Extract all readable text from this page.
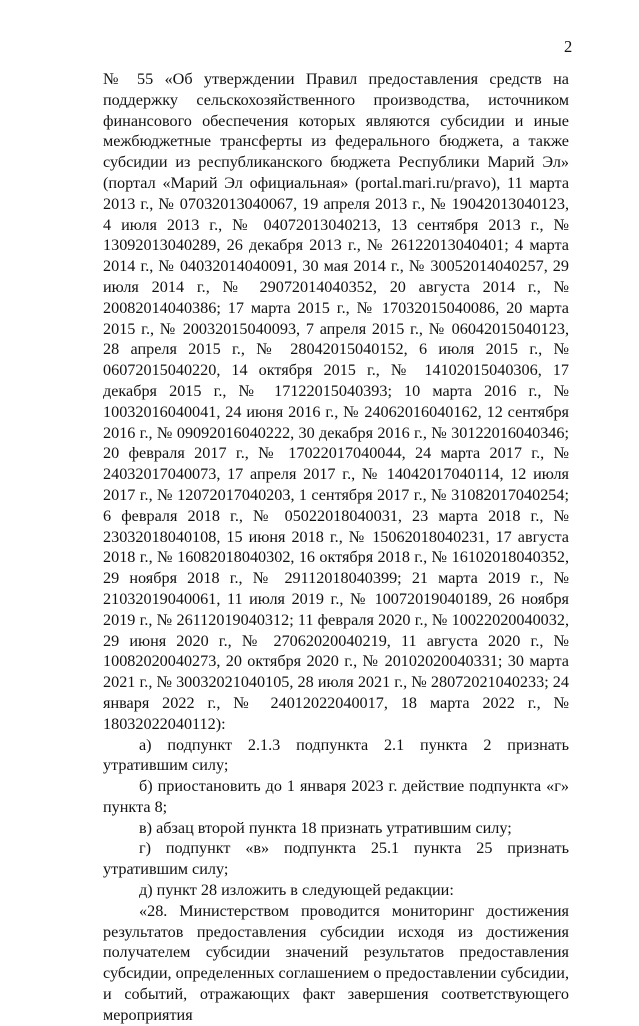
2

№ 55 «Об утверждении Правил предоставления средств на поддержку сельскохозяйственного производства, источником финансового обеспечения которых являются субсидии и иные межбюджетные трансферты из федерального бюджета, а также субсидии из республиканского бюджета Республики Марий Эл» (портал «Марий Эл официальная» (portal.mari.ru/pravo), 11 марта 2013 г., № 07032013040067, 19 апреля 2013 г., № 19042013040123, 4 июля 2013 г., № 04072013040213, 13 сентября 2013 г., № 13092013040289, 26 декабря 2013 г., № 26122013040401; 4 марта 2014 г., № 04032014040091, 30 мая 2014 г., № 30052014040257, 29 июля 2014 г., № 29072014040352, 20 августа 2014 г., № 20082014040386; 17 марта 2015 г., № 17032015040086, 20 марта 2015 г., № 20032015040093, 7 апреля 2015 г., № 06042015040123, 28 апреля 2015 г., № 28042015040152, 6 июля 2015 г., № 06072015040220, 14 октября 2015 г., № 14102015040306, 17 декабря 2015 г., № 17122015040393; 10 марта 2016 г., № 10032016040041, 24 июня 2016 г., № 24062016040162, 12 сентября 2016 г., № 09092016040222, 30 декабря 2016 г., № 30122016040346; 20 февраля 2017 г., № 17022017040044, 24 марта 2017 г., № 24032017040073, 17 апреля 2017 г., № 14042017040114, 12 июля 2017 г., № 12072017040203, 1 сентября 2017 г., № 31082017040254; 6 февраля 2018 г., № 05022018040031, 23 марта 2018 г., № 23032018040108, 15 июня 2018 г., № 15062018040231, 17 августа 2018 г., № 16082018040302, 16 октября 2018 г., № 16102018040352, 29 ноября 2018 г., № 29112018040399; 21 марта 2019 г., № 21032019040061, 11 июля 2019 г., № 10072019040189, 26 ноября 2019 г., № 26112019040312; 11 февраля 2020 г., № 10022020040032, 29 июня 2020 г., № 27062020040219, 11 августа 2020 г., № 10082020040273, 20 октября 2020 г., № 20102020040331; 30 марта 2021 г., № 30032021040105, 28 июля 2021 г., № 28072021040233; 24 января 2022 г., № 24012022040017, 18 марта 2022 г., № 18032022040112):

а) подпункт 2.1.3 подпункта 2.1 пункта 2 признать утратившим силу;

б) приостановить до 1 января 2023 г. действие подпункта «г» пункта 8;

в) абзац второй пункта 18 признать утратившим силу;

г) подпункт «в» подпункта 25.1 пункта 25 признать утратившим силу;

д) пункт 28 изложить в следующей редакции:

«28. Министерством проводится мониторинг достижения результатов предоставления субсидии исходя из достижения получателем субсидии значений результатов предоставления субсидии, определенных соглашением о предоставлении субсидии, и событий, отражающих факт завершения соответствующего мероприятия
